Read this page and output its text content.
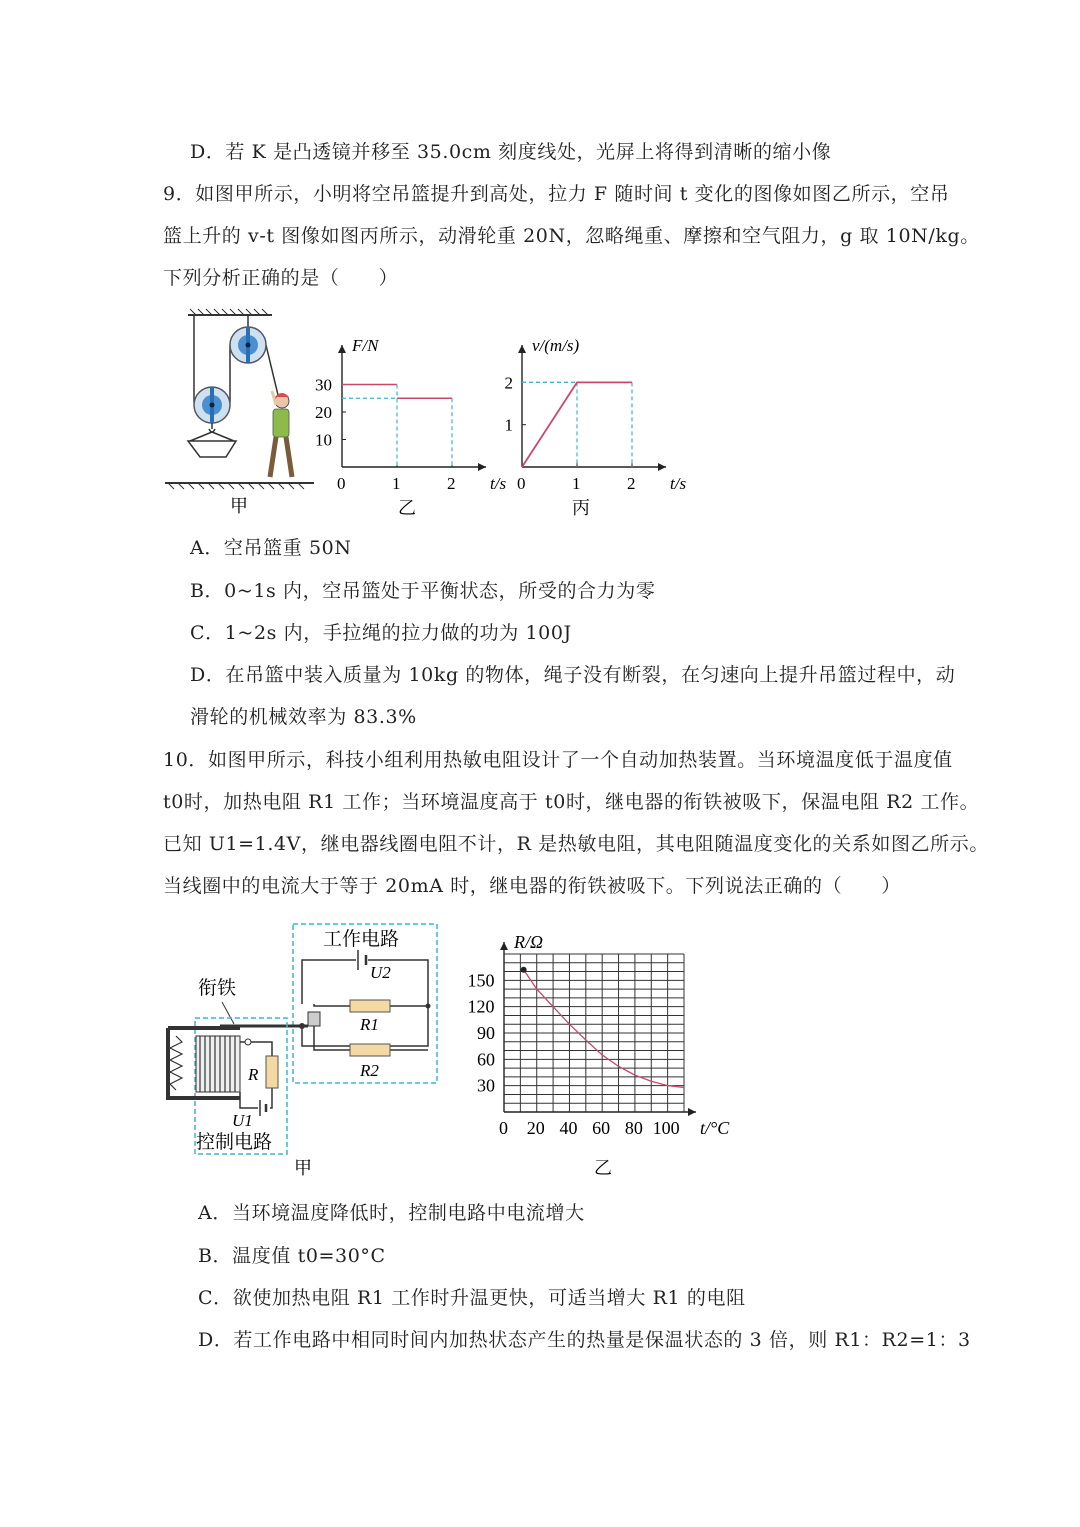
D．若 K 是凸透镜并移至 35.0cm 刻度线处，光屏上将得到清晰的缩小像
9．如图甲所示，小明将空吊篮提升到高处，拉力 F 随时间 t 变化的图像如图乙所示，空吊
篮上升的 v-t 图像如图丙所示，动滑轮重 20N，忽略绳重、摩擦和空气阻力，g 取 10N/kg。
下列分析正确的是（　　）
甲
0	1	2
10
20
30
F/N
t/s
乙
0	1	2
1
2
v/(m/s)
t/s
丙
A．空吊篮重 50N
B．0~1s 内，空吊篮处于平衡状态，所受的合力为零
C．1~2s 内，手拉绳的拉力做的功为 100J
D．在吊篮中装入质量为 10kg 的物体，绳子没有断裂，在匀速向上提升吊篮过程中，动
滑轮的机械效率为 83.3%
10．如图甲所示，科技小组利用热敏电阻设计了一个自动加热装置。当环境温度低于温度值
t0时，加热电阻 R1 工作；当环境温度高于 t0时，继电器的衔铁被吸下，保温电阻 R2 工作。
已知 U1=1.4V，继电器线圈电阻不计，R 是热敏电阻，其电阻随温度变化的关系如图乙所示。
当线圈中的电流大于等于 20mA 时，继电器的衔铁被吸下。下列说法正确的（　　）
工作电路
U2
R1
R2
衔铁
R
U1
控制电路
甲
0 20 40 60 80 100
30
60
90
120
150
R/Ω
t/°C
乙
A．当环境温度降低时，控制电路中电流增大
B．温度值 t0=30°C
C．欲使加热电阻 R1 工作时升温更快，可适当增大 R1 的电阻
D．若工作电路中相同时间内加热状态产生的热量是保温状态的 3 倍，则 R1：R2=1：3
